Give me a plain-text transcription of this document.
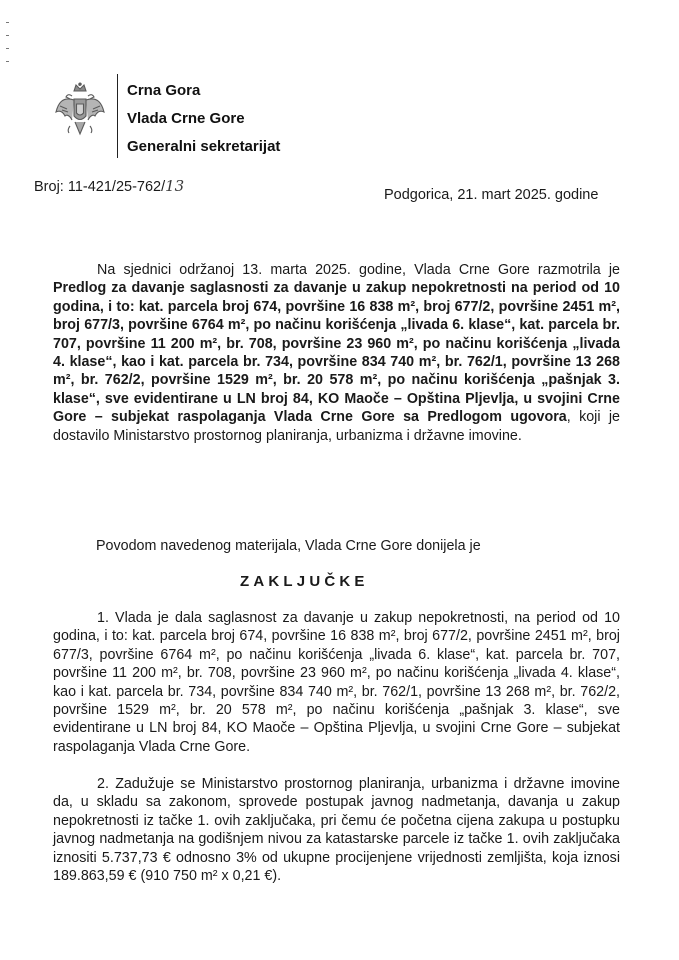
Crna Gora
Vlada Crne Gore
Generalni sekretarijat
Broj: 11-421/25-762/13	Podgorica, 21. mart 2025. godine
Na sjednici održanoj 13. marta 2025. godine, Vlada Crne Gore razmotrila je Predlog za davanje saglasnosti za davanje u zakup nepokretnosti na period od 10 godina, i to: kat. parcela broj 674, površine 16 838 m², broj 677/2, površine 2451 m², broj 677/3, površine 6764 m², po načinu korišćenja „livada 6. klase“, kat. parcela br. 707, površine 11 200 m², br. 708, površine 23 960 m², po načinu korišćenja „livada 4. klase“, kao i kat. parcela br. 734, površine 834 740 m², br. 762/1, površine 13 268 m², br. 762/2, površine 1529 m², br. 20 578 m², po načinu korišćenja „pašnjak 3. klase“, sve evidentirane u LN broj 84, KO Maoče – Opština Pljevlja, u svojini Crne Gore – subjekat raspolaganja Vlada Crne Gore sa Predlogom ugovora, koji je dostavilo Ministarstvo prostornog planiranja, urbanizma i državne imovine.
Povodom navedenog materijala, Vlada Crne Gore donijela je
ZAKLJUČKE
1. Vlada je dala saglasnost za davanje u zakup nepokretnosti, na period od 10 godina, i to: kat. parcela broj 674, površine 16 838 m², broj 677/2, površine 2451 m², broj 677/3, površine 6764 m², po načinu korišćenja „livada 6. klase“, kat. parcela br. 707, površine 11 200 m², br. 708, površine 23 960 m², po načinu korišćenja „livada 4. klase“, kao i kat. parcela br. 734, površine 834 740 m², br. 762/1, površine 13 268 m², br. 762/2, površine 1529 m², br. 20 578 m², po načinu korišćenja „pašnjak 3. klase“, sve evidentirane u LN broj 84, KO Maoče – Opština Pljevlja, u svojini Crne Gore – subjekat raspolaganja Vlada Crne Gore.
2. Zadužuje se Ministarstvo prostornog planiranja, urbanizma i državne imovine da, u skladu sa zakonom, sprovede postupak javnog nadmetanja, davanja u zakup nepokretnosti iz tačke 1. ovih zaključaka, pri čemu će početna cijena zakupa u postupku javnog nadmetanja na godišnjem nivou za katastarske parcele iz tačke 1. ovih zaključaka iznositi 5.737,73 € odnosno 3% od ukupne procijenjene vrijednosti zemljišta, koja iznosi 189.863,59 € (910 750 m² x 0,21 €).
